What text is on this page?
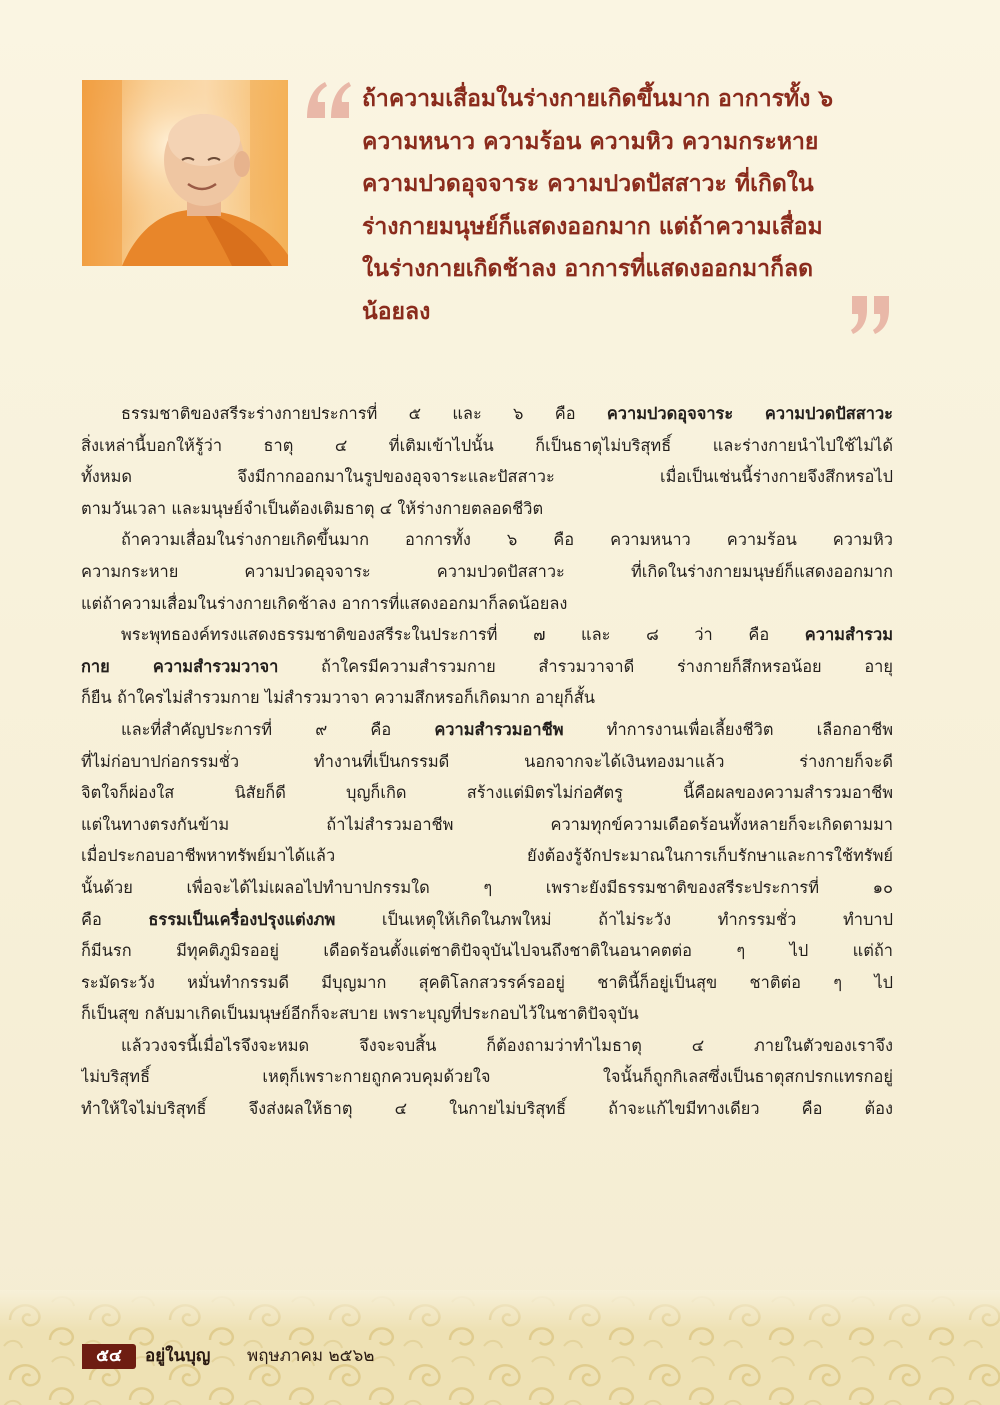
ถ้าความเสื่อมในร่างกายเกิดขึ้นมาก อาการทั้ง ๖
ความหนาว ความร้อน ความหิว ความกระหาย
ความปวดอุจจาระ ความปวดปัสสาวะ ที่เกิดใน
ร่างกายมนุษย์ก็แสดงออกมาก แต่ถ้าความเสื่อม
ในร่างกายเกิดช้าลง อาการที่แสดงออกมาก็ลด
น้อยลง
ธรรมชาติของสรีระร่างกายประการที่ ๕ และ ๖ คือ ความปวดอุจจาระ ความปวดปัสสาวะ
สิ่งเหล่านี้บอกให้รู้ว่า ธาตุ ๔ ที่เติมเข้าไปนั้น ก็เป็นธาตุไม่บริสุทธิ์ และร่างกายนำไปใช้ไม่ได้
ทั้งหมด จึงมีกากออกมาในรูปของอุจจาระและปัสสาวะ เมื่อเป็นเช่นนี้ร่างกายจึงสึกหรอไป
ตามวันเวลา และมนุษย์จำเป็นต้องเติมธาตุ ๔ ให้ร่างกายตลอดชีวิต
ถ้าความเสื่อมในร่างกายเกิดขึ้นมาก อาการทั้ง ๖ คือ ความหนาว ความร้อน ความหิว
ความกระหาย ความปวดอุจจาระ ความปวดปัสสาวะ ที่เกิดในร่างกายมนุษย์ก็แสดงออกมาก
แต่ถ้าความเสื่อมในร่างกายเกิดช้าลง อาการที่แสดงออกมาก็ลดน้อยลง
พระพุทธองค์ทรงแสดงธรรมชาติของสรีระในประการที่ ๗ และ ๘ ว่า คือ ความสำรวม
กาย ความสำรวมวาจา ถ้าใครมีความสำรวมกาย สำรวมวาจาดี ร่างกายก็สึกหรอน้อย อายุ
ก็ยืน ถ้าใครไม่สำรวมกาย ไม่สำรวมวาจา ความสึกหรอก็เกิดมาก อายุก็สั้น
และที่สำคัญประการที่ ๙ คือ ความสำรวมอาชีพ ทำการงานเพื่อเลี้ยงชีวิต เลือกอาชีพ
ที่ไม่ก่อบาปก่อกรรมชั่ว ทำงานที่เป็นกรรมดี นอกจากจะได้เงินทองมาแล้ว ร่างกายก็จะดี
จิตใจก็ผ่องใส นิสัยก็ดี บุญก็เกิด สร้างแต่มิตรไม่ก่อศัตรู นี้คือผลของความสำรวมอาชีพ
แต่ในทางตรงกันข้าม ถ้าไม่สำรวมอาชีพ ความทุกข์ความเดือดร้อนทั้งหลายก็จะเกิดตามมา
เมื่อประกอบอาชีพหาทรัพย์มาได้แล้ว ยังต้องรู้จักประมาณในการเก็บรักษาและการใช้ทรัพย์
นั้นด้วย เพื่อจะได้ไม่เผลอไปทำบาปกรรมใด ๆ เพราะยังมีธรรมชาติของสรีระประการที่ ๑๐
คือ ธรรมเป็นเครื่องปรุงแต่งภพ เป็นเหตุให้เกิดในภพใหม่ ถ้าไม่ระวัง ทำกรรมชั่ว ทำบาป
ก็มีนรก มีทุคติภูมิรออยู่ เดือดร้อนตั้งแต่ชาติปัจจุบันไปจนถึงชาติในอนาคตต่อ ๆ ไป แต่ถ้า
ระมัดระวัง หมั่นทำกรรมดี มีบุญมาก สุคติโลกสวรรค์รออยู่ ชาตินี้ก็อยู่เป็นสุข ชาติต่อ ๆ ไป
ก็เป็นสุข กลับมาเกิดเป็นมนุษย์อีกก็จะสบาย เพราะบุญที่ประกอบไว้ในชาติปัจจุบัน
แล้ววงจรนี้เมื่อไรจึงจะหมด จึงจะจบสิ้น ก็ต้องถามว่าทำไมธาตุ ๔ ภายในตัวของเราจึง
ไม่บริสุทธิ์ เหตุก็เพราะกายถูกควบคุมด้วยใจ ใจนั้นก็ถูกกิเลสซึ่งเป็นธาตุสกปรกแทรกอยู่
ทำให้ใจไม่บริสุทธิ์ จึงส่งผลให้ธาตุ ๔ ในกายไม่บริสุทธิ์ ถ้าจะแก้ไขมีทางเดียว คือ ต้อง
๕๔	อยู่ในบุญ พฤษภาคม ๒๕๖๒
